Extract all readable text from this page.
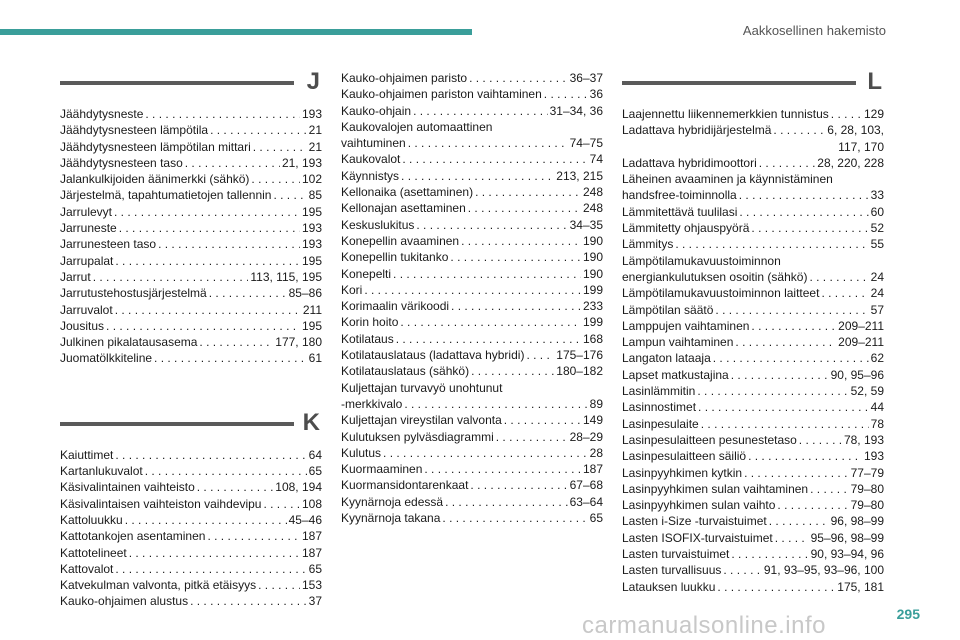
Aakkosellinen hakemisto
J
Jäähdytysneste . . .	193
Jäähdytysnesteen lämpötila . . .	21
Jäähdytysnesteen lämpötilan mittari . . .	21
Jäähdytysnesteen taso . . .	21, 193
Jalankulkijoiden äänimerkki (sähkö) . . .	102
Järjestelmä, tapahtumatietojen tallennin . . .	85
Jarrulevyt . . .	195
Jarruneste . . .	193
Jarrunesteen taso . . .	193
Jarrupalat . . .	195
Jarrut . . .	113, 115, 195
Jarrutustehostusjärjestelmä . . .	85–86
Jarruvalot . . .	211
Jousitus . . .	195
Julkinen pikalatausasema . . .	177, 180
Juomatölkkiteline . . .	61
K
Kaiuttimet . . .	64
Kartanlukuvalot . . .	65
Käsivalintainen vaihteisto . . .	108, 194
Käsivalintaisen vaihteiston vaihdevipu . . .	108
Kattoluukku . . .	45–46
Kattotankojen asentaminen . . .	187
Kattotelineet . . .	187
Kattovalot . . .	65
Katvekulman valvonta, pitkä etäisyys . . .	153
Kauko-ohjaimen alustus . . .	37
Kauko-ohjaimen paristo . . .	36–37
Kauko-ohjaimen pariston vaihtaminen . . .	36
Kauko-ohjain . . .	31–34, 36
Kaukovalojen automaattinen
vaihtuminen . . .	74–75
Kaukovalot . . .	74
Käynnistys . . .	213, 215
Kellonaika (asettaminen) . . .	248
Kellonajan asettaminen . . .	248
Keskuslukitus . . .	34–35
Konepellin avaaminen . . .	190
Konepellin tukitanko . . .	190
Konepelti . . .	190
Kori . . .	199
Korimaalin värikoodi . . .	233
Korin hoito . . .	199
Kotilataus . . .	168
Kotilatauslataus (ladattava hybridi) . . .	175–176
Kotilatauslataus (sähkö) . . .	180–182
Kuljettajan turvavyö unohtunut
-merkkivalo . . .	89
Kuljettajan vireystilan valvonta . . .	149
Kulutuksen pylväsdiagrammi . . .	28–29
Kulutus . . .	28
Kuormaaminen . . .	187
Kuormansidontarenkaat . . .	67–68
Kyynärnoja edessä . . .	63–64
Kyynärnoja takana . . .	65
L
Laajennettu liikennemerkkien tunnistus . . .	129
Ladattava hybridijärjestelmä . . .	6, 28, 103,
117, 170
Ladattava hybridimoottori . . .	28, 220, 228
Läheinen avaaminen ja käynnistäminen
handsfree-toiminnolla . . .	33
Lämmitettävä tuulilasi . . .	60
Lämmitetty ohjauspyörä . . .	52
Lämmitys . . .	55
Lämpötilamukavuustoiminnon
energiankulutuksen osoitin (sähkö) . . .	24
Lämpötilamukavuustoiminnon laitteet . . .	24
Lämpötilan säätö . . .	57
Lamppujen vaihtaminen . . .	209–211
Lampun vaihtaminen . . .	209–211
Langaton lataaja . . .	62
Lapset matkustajina . . .	90, 95–96
Lasinlämmitin . . .	52, 59
Lasinnostimet . . .	44
Lasinpesulaite . . .	78
Lasinpesulaitteen pesunestetaso . . .	78, 193
Lasinpesulaitteen säiliö . . .	193
Lasinpyyhkimen kytkin . . .	77–79
Lasinpyyhkimen sulan vaihtaminen . . .	79–80
Lasinpyyhkimen sulan vaihto . . .	79–80
Lasten i-Size -turvaistuimet . . .	96, 98–99
Lasten ISOFIX-turvaistuimet . . .	95–96, 98–99
Lasten turvaistuimet . . .	90, 93–94, 96
Lasten turvallisuus . . .	91, 93–95, 93–96, 100
Latauksen luukku . . .	175, 181
carmanualsonline.info	295
